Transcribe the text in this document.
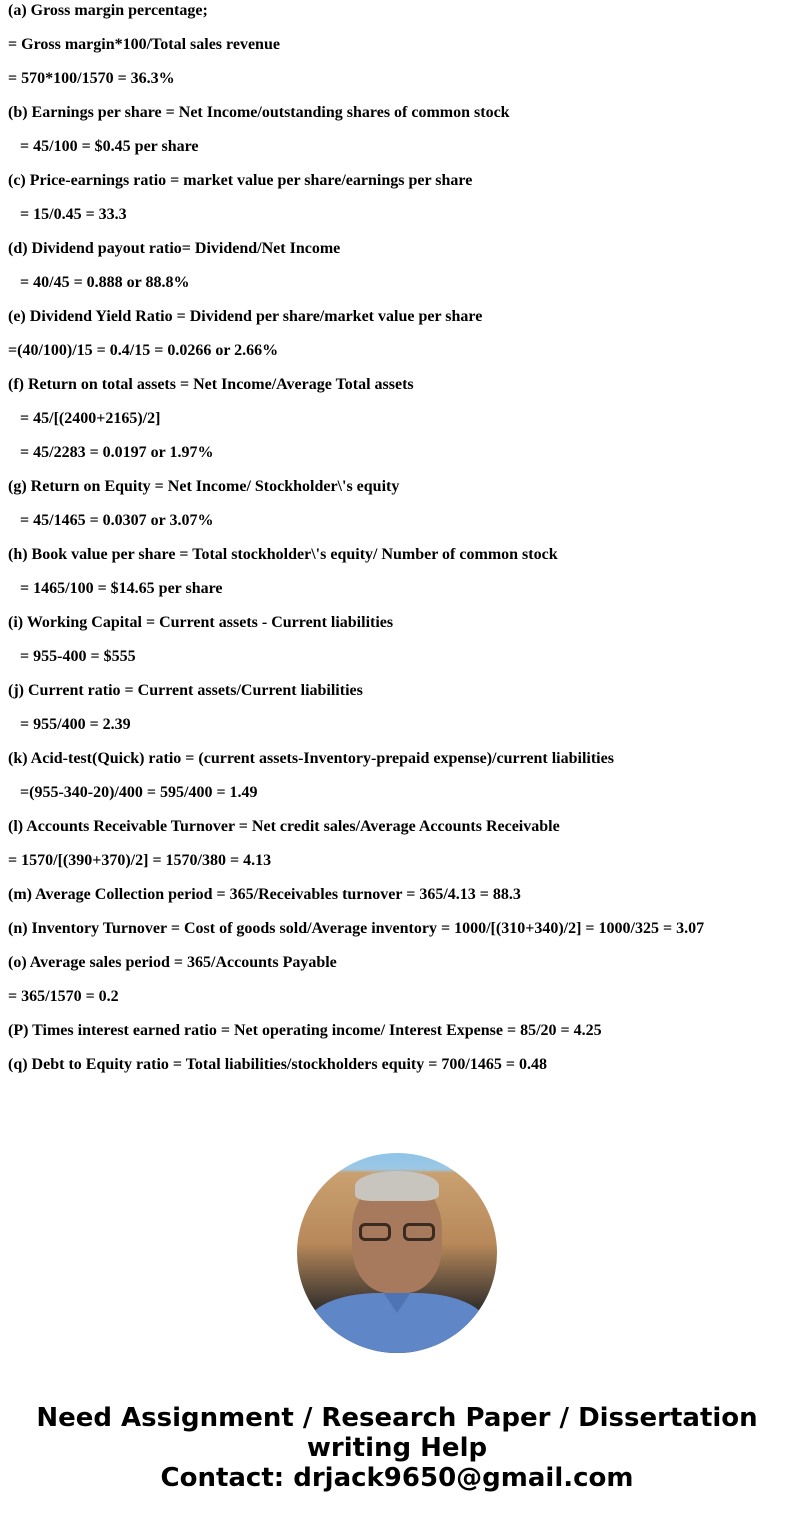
(a) Gross margin percentage;
= Gross margin*100/Total sales revenue
= 570*100/1570 = 36.3%
(b) Earnings per share = Net Income/outstanding shares of common stock
= 45/100 = $0.45 per share
(c) Price-earnings ratio = market value per share/earnings per share
= 15/0.45 = 33.3
(d) Dividend payout ratio= Dividend/Net Income
= 40/45 = 0.888 or 88.8%
(e) Dividend Yield Ratio = Dividend per share/market value per share
=(40/100)/15 = 0.4/15 = 0.0266 or 2.66%
(f) Return on total assets = Net Income/Average Total assets
= 45/[(2400+2165)/2]
= 45/2283 = 0.0197 or 1.97%
(g) Return on Equity = Net Income/ Stockholder\'s equity
= 45/1465 = 0.0307 or 3.07%
(h) Book value per share = Total stockholder\'s equity/ Number of common stock
= 1465/100 = $14.65 per share
(i) Working Capital = Current assets - Current liabilities
= 955-400 = $555
(j) Current ratio = Current assets/Current liabilities
= 955/400 = 2.39
(k) Acid-test(Quick) ratio = (current assets-Inventory-prepaid expense)/current liabilities
=(955-340-20)/400 = 595/400 = 1.49
(l) Accounts Receivable Turnover = Net credit sales/Average Accounts Receivable
= 1570/[(390+370)/2] = 1570/380 = 4.13
(m) Average Collection period = 365/Receivables turnover = 365/4.13 = 88.3
(n) Inventory Turnover = Cost of goods sold/Average inventory = 1000/[(310+340)/2] = 1000/325 = 3.07
(o) Average sales period = 365/Accounts Payable
= 365/1570 = 0.2
(P) Times interest earned ratio = Net operating income/ Interest Expense = 85/20 = 4.25
(q) Debt to Equity ratio = Total liabilities/stockholders equity = 700/1465 = 0.48
Need Assignment / Research Paper / Dissertation
writing Help
Contact: drjack9650@gmail.com
